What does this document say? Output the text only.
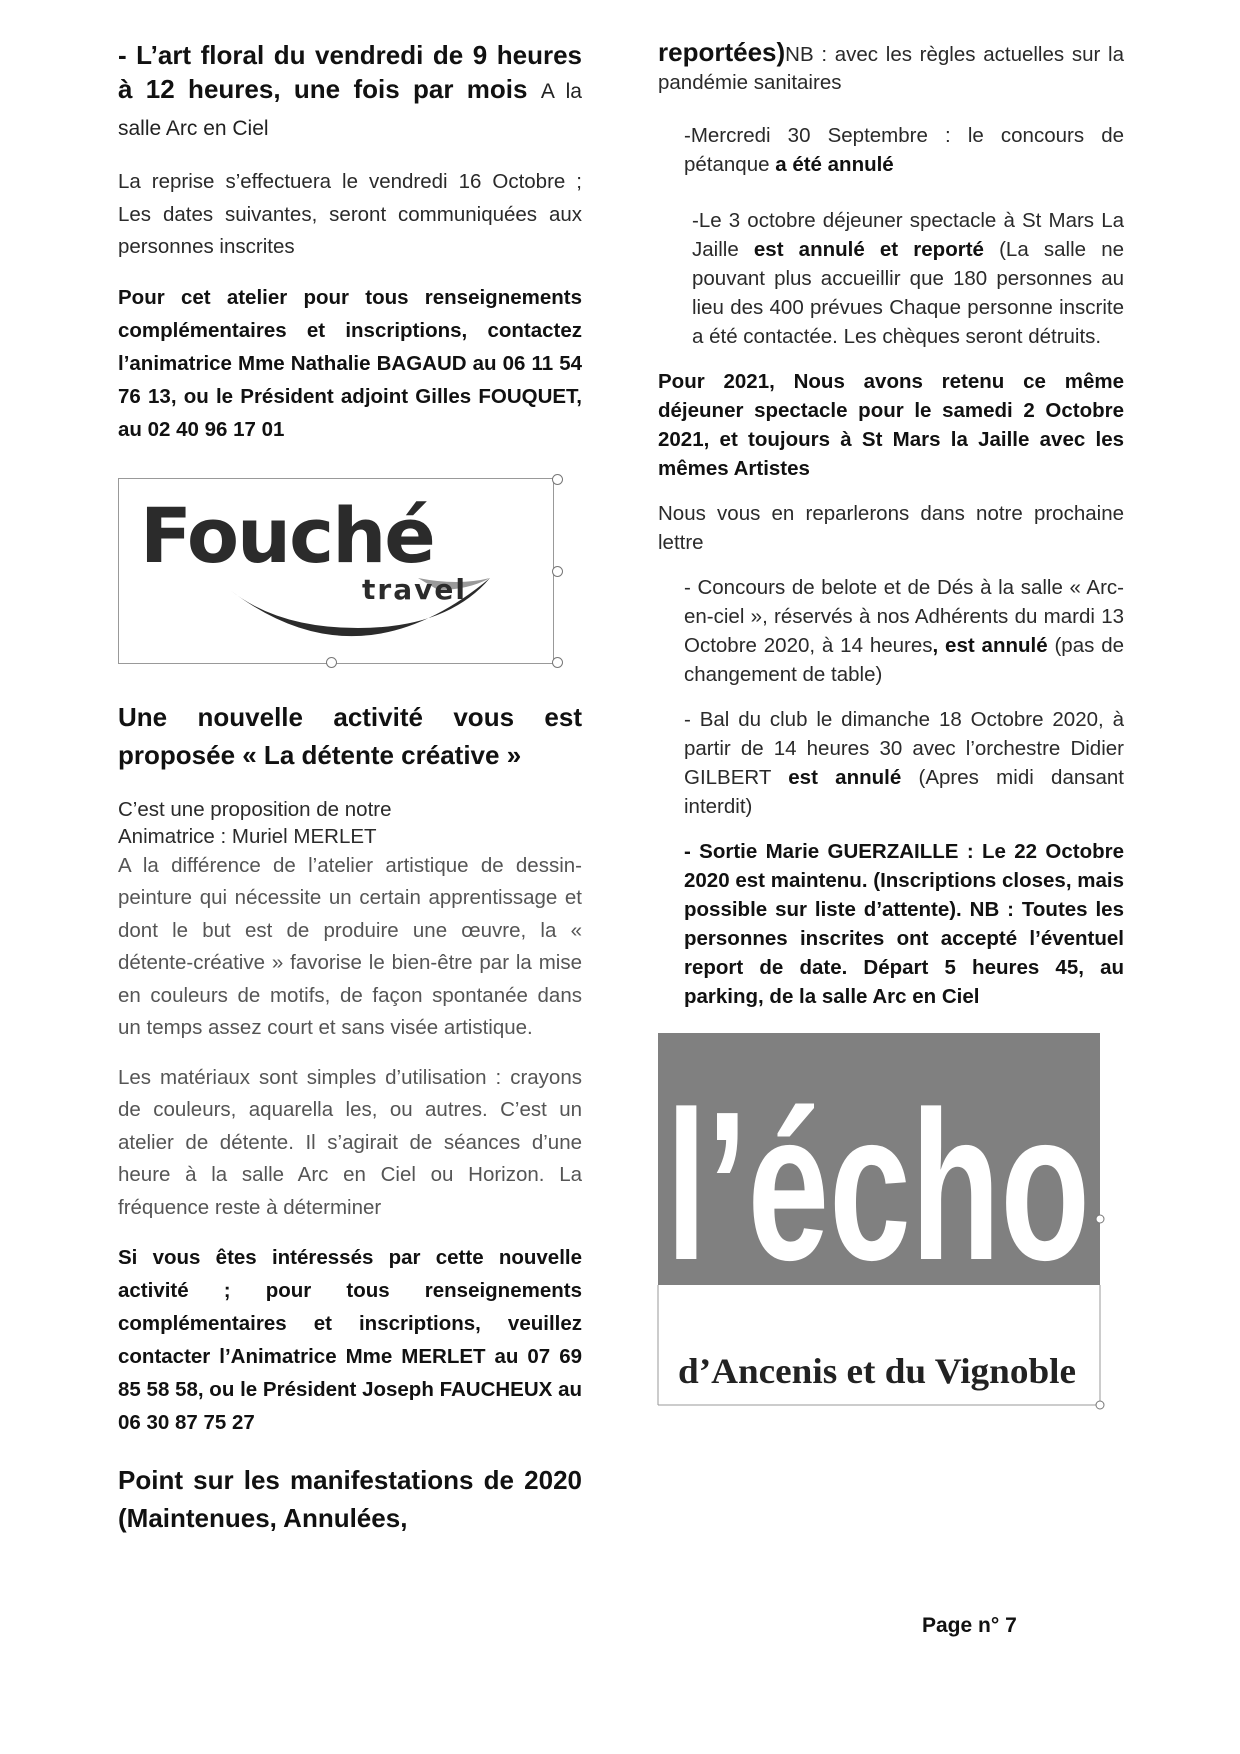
- L’art floral du vendredi de 9 heures à 12 heures, une fois par mois A la salle Arc en Ciel

La reprise s’effectuera le vendredi 16 Octobre ; Les dates suivantes, seront communiquées aux personnes inscrites

Pour cet atelier pour tous renseignements complémentaires et inscriptions, contactez l’animatrice Mme Nathalie BAGAUD au 06 11 54 76 13, ou le Président adjoint Gilles FOUQUET, au 02 40 96 17 01

Fouché
travel

Une nouvelle activité vous est proposée « La détente créative »

C’est une proposition de notre

Animatrice : Muriel MERLET

A la différence de l’atelier artistique de dessin-peinture qui nécessite un certain apprentissage et dont le but est de produire une œuvre, la « détente-créative » favorise le bien-être par la mise en couleurs de motifs, de façon spontanée dans un temps assez court et sans visée artistique.

Les matériaux sont simples d’utilisation : crayons de couleurs, aquarella les, ou autres. C’est un atelier de détente. Il s’agirait de séances d’une heure à la salle Arc en Ciel ou Horizon. La fréquence reste à déterminer

Si vous êtes intéressés par cette nouvelle activité ; pour tous renseignements complémentaires et inscriptions, veuillez contacter l’Animatrice Mme MERLET au 07 69 85 58 58, ou le Président Joseph FAUCHEUX au 06 30 87 75 27

Point sur les manifestations de 2020 (Maintenues, Annulées,

reportées)NB : avec les règles actuelles sur la pandémie sanitaires

-Mercredi 30 Septembre : le concours de pétanque a été annulé

-Le 3 octobre déjeuner spectacle à St Mars La Jaille est annulé et reporté (La salle ne pouvant plus accueillir que 180 personnes au lieu des 400 prévues Chaque personne inscrite a été contactée. Les chèques seront détruits.

Pour 2021, Nous avons retenu ce même déjeuner spectacle pour le samedi 2 Octobre 2021, et toujours à St Mars la Jaille avec les mêmes Artistes

Nous vous en reparlerons dans notre prochaine lettre

- Concours de belote et de Dés à la salle « Arc-en-ciel », réservés à nos Adhérents du mardi 13 Octobre 2020, à 14 heures, est annulé (pas de changement de table)

- Bal du club le dimanche 18 Octobre 2020, à partir de 14 heures 30 avec l’orchestre Didier GILBERT est annulé (Apres midi dansant interdit)

- Sortie Marie GUERZAILLE : Le 22 Octobre 2020 est maintenu. (Inscriptions closes, mais possible sur liste d’attente). NB : Toutes les personnes inscrites ont accepté l’éventuel report de date. Départ 5 heures 45, au parking, de la salle Arc en Ciel

l’écho
d’Ancenis et du Vignoble
Page n° 7
